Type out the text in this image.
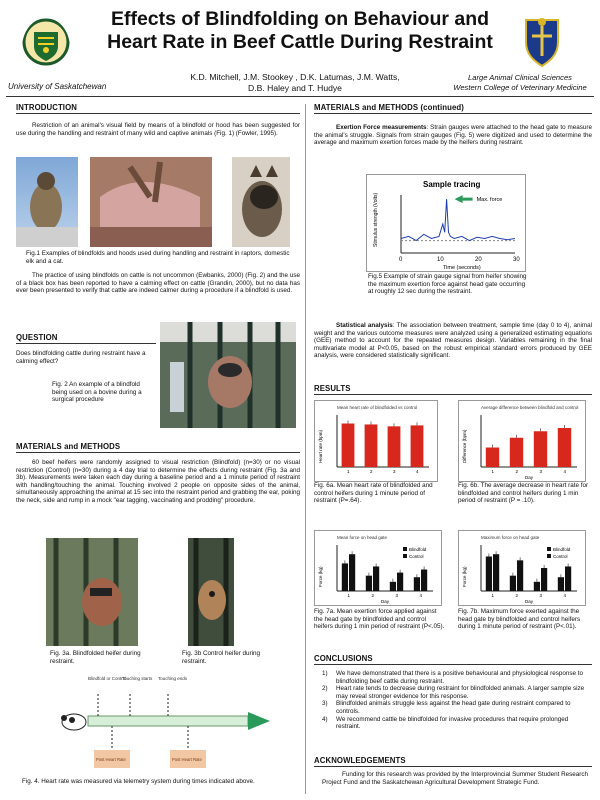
University of Saskatchewan
Effects of Blindfolding on Behaviour and
Heart Rate in Beef Cattle During Restraint
K.D. Mitchell, J.M. Stookey , D.K. Latumas, J.M. Watts,
D.B. Haley and T. Hudye
Large Animal Clinical Sciences
Western College of Veterinary Medicine
INTRODUCTION
Restriction of an animal's visual field by means of a blindfold or hood has been suggested for use during the handling and restraint of many wild and captive animals (Fig. 1) (Fowler, 1995).
Fig.1 Examples of blindfolds and hoods used during handling and restraint in raptors, domestic elk and a cat.
The practice of using blindfolds on cattle is not uncommon (Ewbanks, 2000) (Fig. 2) and the use of a black box has been reported to have a calming effect on cattle (Grandin, 2000), but no data has ever been presented to verify that cattle are indeed calmer during a procedure if a blindfold is used.
QUESTION
Does blindfolding cattle during restraint have a calming effect?
Fig. 2 An example of a blindfold being used on a bovine during a surgical procedure
MATERIALS and METHODS
60 beef heifers were randomly assigned to visual restriction (Blindfold) (n=30) or no visual restriction (Control) (n=30) during a 4 day trial to determine the effects during restraint (Fig. 3a and 3b). Measurements were taken each day during a baseline period and a 1 minute period of restraint with handling/touching the animal. Touching involved 2 people on opposite sides of the animal, simultaneously approaching the animal at 15 sec into the restraint period and grabbing the ear, poking the neck, side and rump in a mock "ear tagging, vaccinating and prodding" procedure.
Fig. 3a. Blindfolded heifer during restraint.
Fig. 3b Control heifer during restraint.
Blindfold or Control
Touching starts Touching ends
Post Heart Rate	Post Heart Rate
Fig. 4. Heart rate was measured via telemetry system during times indicated above.
MATERIALS and METHODS (continued)
Exertion Force measurements: Strain gauges were attached to the head gate to measure the animal's struggle. Signals from strain gauges (Fig. 5) were digitized and used to determine the average and maximum exertion forces made by the heifers during restraint.
Sample tracing
0	10	20	30
Time (seconds)
Stimulus strength (Volts)	Max. force
Fig.5 Example of strain gauge signal from heifer showing the maximum exertion force against head gate occurring at roughly 12 sec during the restraint.
Statistical analysis: The association between treatment, sample time (day 0 to 4), animal weight and the various outcome measures were analyzed using a generalized estimating equations (GEE) method to account for the repeated measures design. Variables remaining in the final multivariate model at P<0.05, based on the robust empirical standard errors produced by GEE analysis, were considered statistically significant.
RESULTS
Mean heart rate of blindfolded vs control
Heart rate (bpm)
1	2	3	4
Fig. 6a. Mean heart rate of blindfolded and control heifers during 1 minute period of restraint (P=.64).
Average difference between blindfold and control
Difference (bpm)
Day
1	2	3	4
Fig. 6b. The average decrease in heart rate for blindfolded and control heifers during 1 min period of restraint (P = .10).
Mean force on head gate
Force (kg)
Day
1	2	3	4
Blindfold
Control
Fig. 7a. Mean exertion force applied against the head gate by blindfolded and control heifers during 1 min period of restraint (P<.05).
Maximum force on head gate
Force (kg)
Day
1	2	3	4
Blindfold
Control
Fig. 7b. Maximum force exerted against the head gate by blindfolded and control heifers during 1 minute period of restraint (P<.01).
CONCLUSIONS
1) We have demonstrated that there is a positive behavioural and physiological response to blindfolding beef cattle during restraint.
2) Heart rate tends to decrease during restraint for blindfolded animals. A larger sample size may reveal stronger evidence for this response.
3) Blindfolded animals struggle less against the head gate during restraint compared to controls.
4) We recommend cattle be blindfolded for invasive procedures that require prolonged restraint.
ACKNOWLEDGEMENTS
Funding for this research was provided by the Interprovincial Summer Student Research Project Fund and the Saskatchewan Agricultural Development Strategic Fund.
